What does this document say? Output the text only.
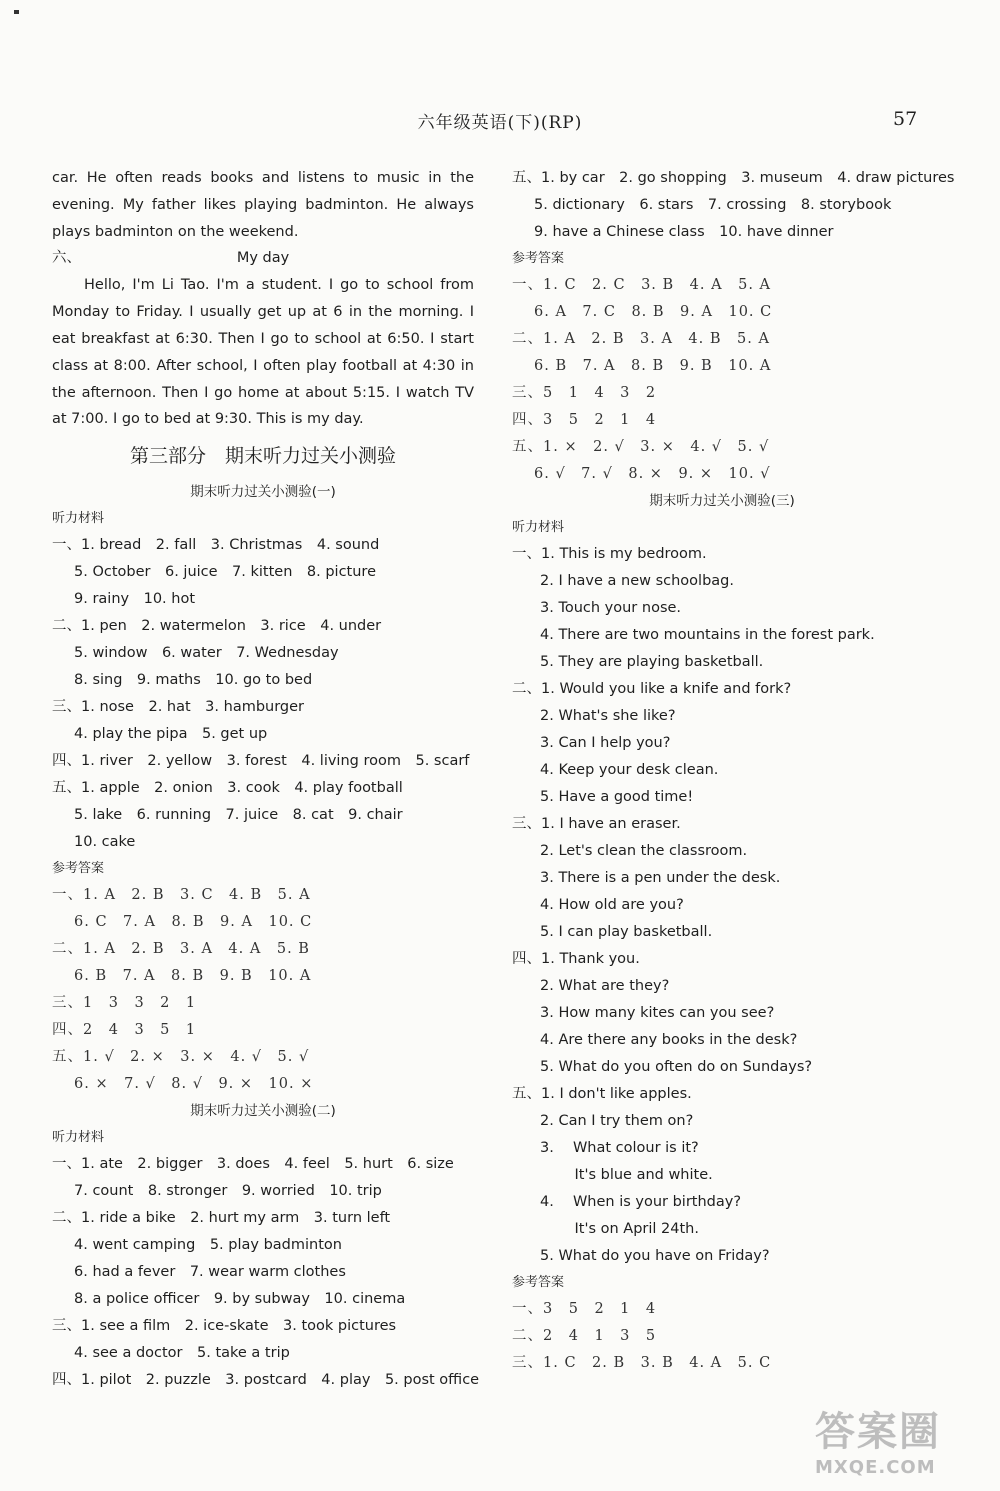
六年级英语(下)(RP)	57

car. He often reads books and listens to music in the evening. My father likes playing badminton. He always plays badminton on the weekend.

六、	My day

Hello, I'm Li Tao. I'm a student. I go to school from Monday to Friday. I usually get up at 6 in the morning. I eat breakfast at 6:30. Then I go to school at 6:50. I start class at 8:00. After school, I often play football at 4:30 in the afternoon. Then I go home at about 5:15. I watch TV at 7:00. I go to bed at 9:30. This is my day.

第三部分　期末听力过关小测验
期末听力过关小测验(一)
听力材料
一、1. bread　2. fall　3. Christmas　4. sound
5. October　6. juice　7. kitten　8. picture
9. rainy　10. hot
二、1. pen　2. watermelon　3. rice　4. under
5. window　6. water　7. Wednesday
8. sing　9. maths　10. go to bed
三、1. nose　2. hat　3. hamburger
4. play the pipa　5. get up
四、1. river　2. yellow　3. forest　4. living room　5. scarf
五、1. apple　2. onion　3. cook　4. play football
5. lake　6. running　7. juice　8. cat　9. chair
10. cake
参考答案
一、1. A　2. B　3. C　4. B　5. A
6. C　7. A　8. B　9. A　10. C
二、1. A　2. B　3. A　4. A　5. B
6. B　7. A　8. B　9. B　10. A
三、1　3　3　2　1
四、2　4　3　5　1
五、1. √　2. ×　3. ×　4. √　5. √
6. ×　7. √　8. √　9. ×　10. ×
期末听力过关小测验(二)
听力材料
一、1. ate　2. bigger　3. does　4. feel　5. hurt　6. size
7. count　8. stronger　9. worried　10. trip
二、1. ride a bike　2. hurt my arm　3. turn left
4. went camping　5. play badminton
6. had a fever　7. wear warm clothes
8. a police officer　9. by subway　10. cinema
三、1. see a film　2. ice-skate　3. took pictures
4. see a doctor　5. take a trip
四、1. pilot　2. puzzle　3. postcard　4. play　5. post office
五、1. by car　2. go shopping　3. museum　4. draw pictures
5. dictionary　6. stars　7. crossing　8. storybook
9. have a Chinese class　10. have dinner
参考答案
一、1. C　2. C　3. B　4. A　5. A
6. A　7. C　8. B　9. A　10. C
二、1. A　2. B　3. A　4. B　5. A
6. B　7. A　8. B　9. B　10. A
三、5　1　4　3　2
四、3　5　2　1　4
五、1. ×　2. √　3. ×　4. √　5. √
6. √　7. √　8. ×　9. ×　10. √
期末听力过关小测验(三)
听力材料
一、1. This is my bedroom.
2. I have a new schoolbag.
3. Touch your nose.
4. There are two mountains in the forest park.
5. They are playing basketball.
二、1. Would you like a knife and fork?
2. What's she like?
3. Can I help you?
4. Keep your desk clean.
5. Have a good time!
三、1. I have an eraser.
2. Let's clean the classroom.
3. There is a pen under the desk.
4. How old are you?
5. I can play basketball.
四、1. Thank you.
2. What are they?
3. How many kites can you see?
4. Are there any books in the desk?
5. What do you often do on Sundays?
五、1. I don't like apples.
2. Can I try them on?
3. 　What colour is it?
　It's blue and white.
4. 　When is your birthday?
　It's on April 24th.
5. What do you have on Friday?
参考答案
一、3　5　2　1　4
二、2　4　1　3　5
三、1. C　2. B　3. B　4. A　5. C
答案圈
MXQE.COM
